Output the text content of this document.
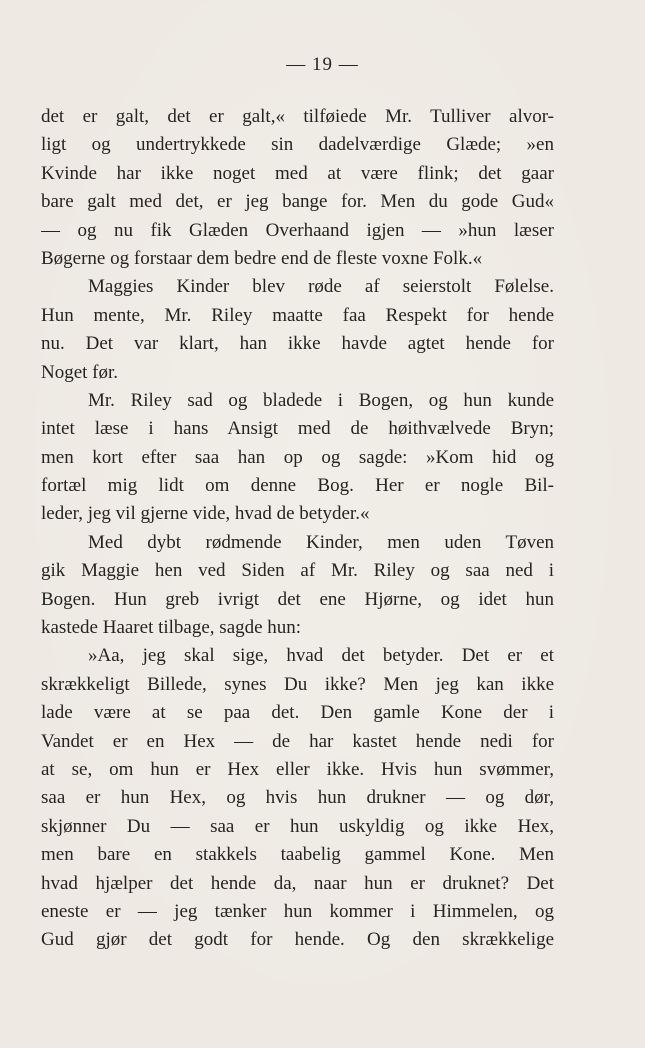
— 19 —
det er galt, det er galt,« tilføiede Mr. Tulliver alvor-
ligt og undertrykkede sin dadelværdige Glæde; »en
Kvinde har ikke noget med at være flink; det gaar
bare galt med det, er jeg bange for. Men du gode Gud«
— og nu fik Glæden Overhaand igjen — »hun læser
Bøgerne og forstaar dem bedre end de fleste voxne Folk.«
Maggies Kinder blev røde af seierstolt Følelse.
Hun mente, Mr. Riley maatte faa Respekt for hende
nu. Det var klart, han ikke havde agtet hende for
Noget før.
Mr. Riley sad og bladede i Bogen, og hun kunde
intet læse i hans Ansigt med de høithvælvede Bryn;
men kort efter saa han op og sagde: »Kom hid og
fortæl mig lidt om denne Bog. Her er nogle Bil-
leder, jeg vil gjerne vide, hvad de betyder.«
Med dybt rødmende Kinder, men uden Tøven
gik Maggie hen ved Siden af Mr. Riley og saa ned i
Bogen. Hun greb ivrigt det ene Hjørne, og idet hun
kastede Haaret tilbage, sagde hun:
»Aa, jeg skal sige, hvad det betyder. Det er et
skrækkeligt Billede, synes Du ikke? Men jeg kan ikke
lade være at se paa det. Den gamle Kone der i
Vandet er en Hex — de har kastet hende nedi for
at se, om hun er Hex eller ikke. Hvis hun svømmer,
saa er hun Hex, og hvis hun drukner — og dør,
skjønner Du — saa er hun uskyldig og ikke Hex,
men bare en stakkels taabelig gammel Kone. Men
hvad hjælper det hende da, naar hun er druknet? Det
eneste er — jeg tænker hun kommer i Himmelen, og
Gud gjør det godt for hende. Og den skrækkelige
